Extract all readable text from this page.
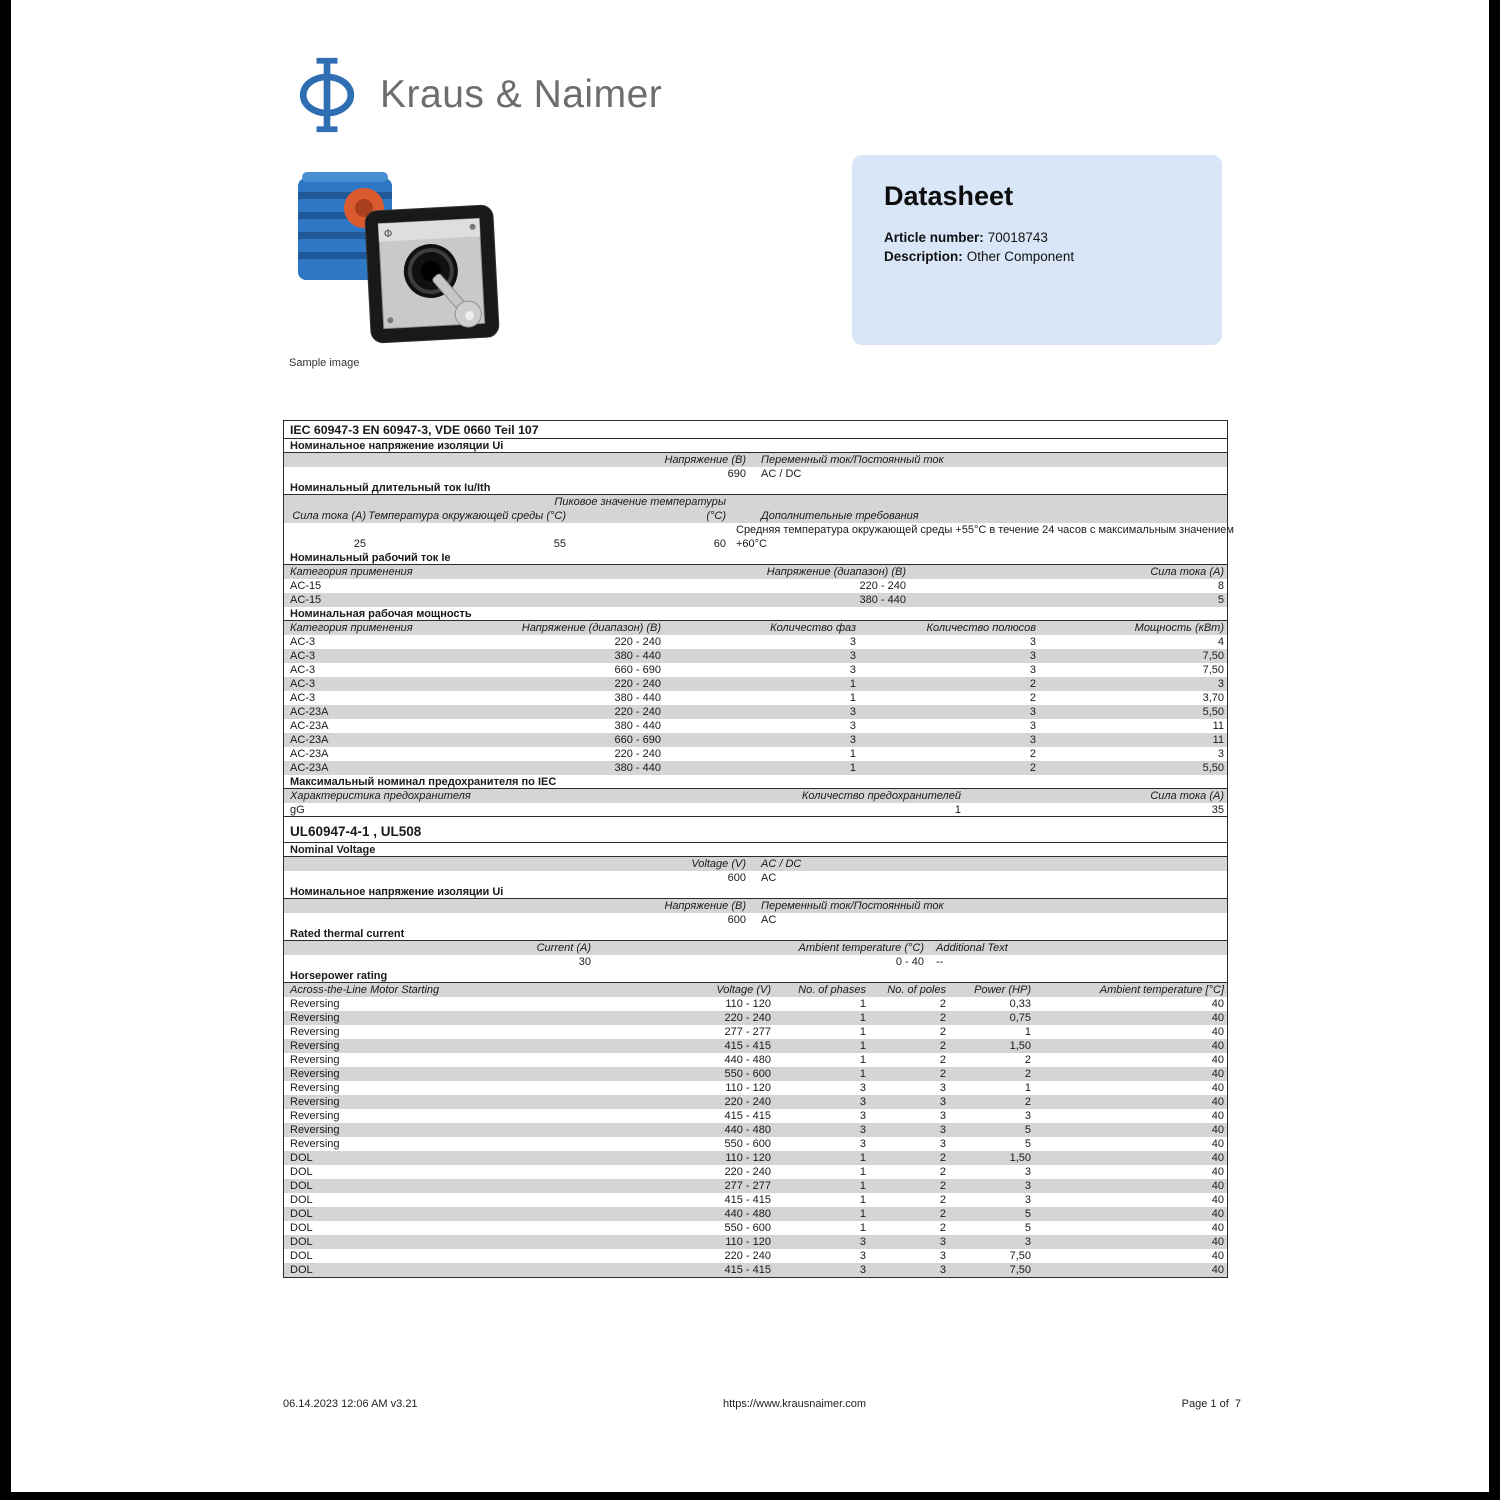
Kraus & Naimer
Φ
Sample image
Datasheet

Article number: 70018743

Description: Other Component

IEC 60947-3 EN 60947-3, VDE 0660 Teil 107
Номинальное напряжение изоляции Ui
Напряжение (В) Переменный ток/Постоянный ток
690 AC / DC
Номинальный длительный ток Iu/Ith
Пиковое значение температуры
Сила тока (А) Температура окружающей среды (°C)	(°C)	Дополнительные требования
Средняя температура окружающей среды +55°C в течение 24 часов с максимальным значением
25	55	60 +60°C
Номинальный рабочий ток Ie
Категория применения	Напряжение (диапазон) (В)	Сила тока (А)
AC-15	220 - 240	8
AC-15	380 - 440	5
Номинальная рабочая мощность
Категория применения	Напряжение (диапазон) (В)	Количество фаз	Количество полюсов	Мощность (кВт)
AC-3	220 - 240	3	3	4
AC-3	380 - 440	3	3	7,50
AC-3	660 - 690	3	3	7,50
AC-3	220 - 240	1	2	3
AC-3	380 - 440	1	2	3,70
AC-23A	220 - 240	3	3	5,50
AC-23A	380 - 440	3	3	11
AC-23A	660 - 690	3	3	11
AC-23A	220 - 240	1	2	3
AC-23A	380 - 440	1	2	5,50
Максимальный номинал предохранителя по IEC
Характеристика предохранителя	Количество предохранителей	Сила тока (А)
gG	1	35
UL60947-4-1 , UL508
Nominal Voltage
Voltage (V) AC / DC
600 AC
Номинальное напряжение изоляции Ui
Напряжение (В) Переменный ток/Постоянный ток
600 AC
Rated thermal current
Current (A)	Ambient temperature (°C) Additional Text
30	0 - 40 --
Horsepower rating
Across-the-Line Motor Starting	Voltage (V)	No. of phases	No. of poles	Power (HP)	Ambient temperature [°C]
Reversing	110 - 120	1	2	0,33	40
Reversing	220 - 240	1	2	0,75	40
Reversing	277 - 277	1	2	1	40
Reversing	415 - 415	1	2	1,50	40
Reversing	440 - 480	1	2	2	40
Reversing	550 - 600	1	2	2	40
Reversing	110 - 120	3	3	1	40
Reversing	220 - 240	3	3	2	40
Reversing	415 - 415	3	3	3	40
Reversing	440 - 480	3	3	5	40
Reversing	550 - 600	3	3	5	40
DOL	110 - 120	1	2	1,50	40
DOL	220 - 240	1	2	3	40
DOL	277 - 277	1	2	3	40
DOL	415 - 415	1	2	3	40
DOL	440 - 480	1	2	5	40
DOL	550 - 600	1	2	5	40
DOL	110 - 120	3	3	3	40
DOL	220 - 240	3	3	7,50	40
DOL	415 - 415	3	3	7,50	40
06.14.2023 12:06 AM v3.21	https://www.krausnaimer.com	Page 1 of  7
